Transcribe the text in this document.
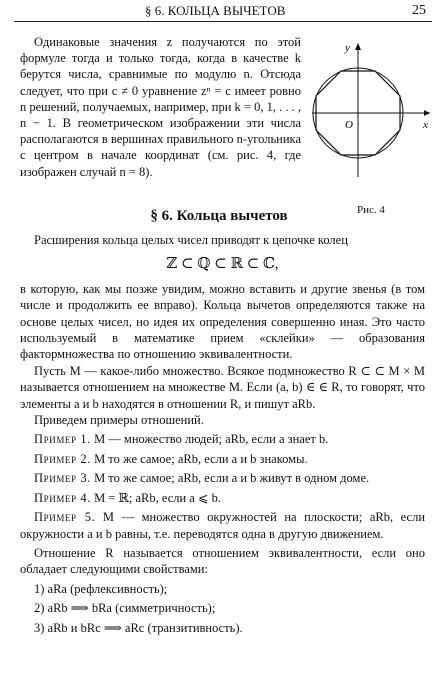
§ 6. КОЛЬЦА ВЫЧЕТОВ	25

Одинаковые значения z получаются по этой формуле тогда и только тогда, когда в качестве k берутся числа, сравнимые по модулю n. Отсюда следует, что при c ≠ 0 уравнение zⁿ = c имеет ровно n решений, получаемых, например, при k = 0, 1, . . . , n − 1. В геометрическом изображении эти числа располагаются в вершинах правильного n-угольника с центром в начале координат (см. рис. 4, где изображен случай n = 8).

y
x
O
Рис. 4
§ 6. Кольца вычетов

Расширения кольца целых чисел приводят к цепочке колец

ℤ ⊂ ℚ ⊂ ℝ ⊂ ℂ,

в которую, как мы позже увидим, можно вставить и другие звенья (в том числе и продолжить ее вправо). Кольца вычетов определяются также на основе целых чисел, но идея их определения совершенно иная. Это часто используемый в математике прием «склейки» — образования фактормножества по отношению эквивалентности.

Пусть M — какое-либо множество. Всякое подмножество R ⊂ ⊂ M × M называется отношением на множестве M. Если (a, b) ∈ ∈ R, то говорят, что элементы a и b находятся в отношении R, и пишут aRb.

Приведем примеры отношений.

Пример 1. M — множество людей; aRb, если a знает b.

Пример 2. M то же самое; aRb, если a и b знакомы.

Пример 3. M то же самое; aRb, если a и b живут в одном доме.

Пример 4. M = ℝ; aRb, если a ⩽ b.

Пример 5. M — множество окружностей на плоскости; aRb, если окружности a и b равны, т.е. переводятся одна в другую движением.

Отношение R называется отношением эквивалентности, если оно обладает следующими свойствами:

1) aRa (рефлексивность);

2) aRb ⟹ bRa (симметричность);

3) aRb и bRc ⟹ aRc (транзитивность).
